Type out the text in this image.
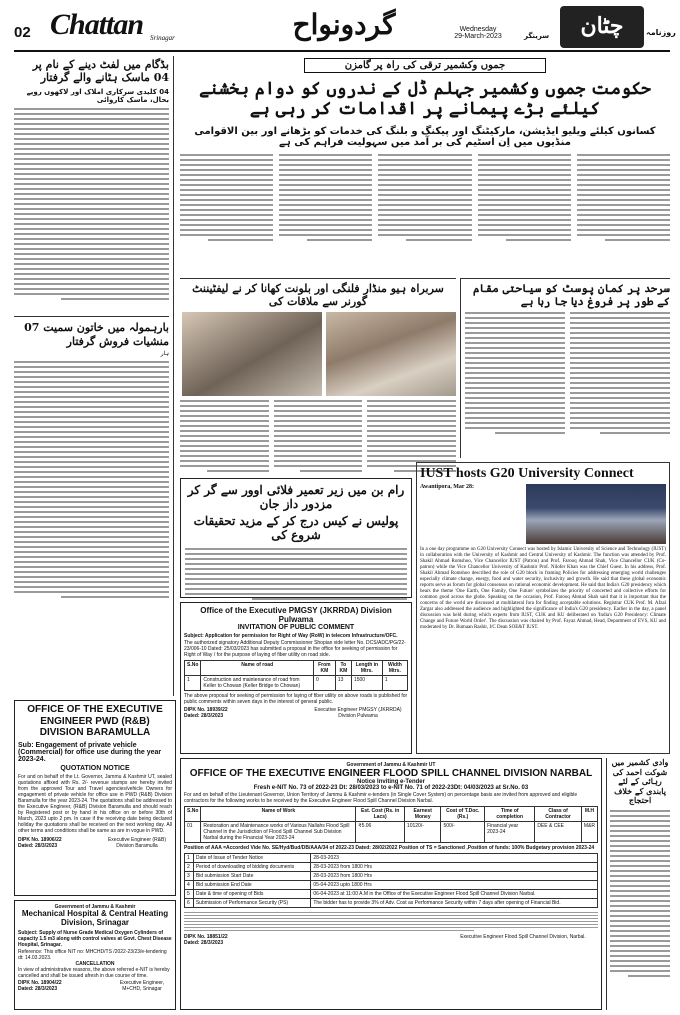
02 Chattan Srinagar	گردونواح	Wednesday
29-March-2023	سرینگر	چٹان	روزنامہ
بڈگام میں لفٹ دینے کے نام پر 04 ماسک ہٹانے والے گرفتار
04 کلیدی سرکاری املاک اور لاکھوں روپے بحال، ماسک کاروائی
بارہمولہ میں خاتون سمیت 07 منشیات فروش گرفتار
ہار
جموں وکشمیر ترقی کی راہ پر گامزن
حکومت جموں وکشمیر جہلم ڈل کے ندروں کو دوام بخشنے کیلئے بڑے پیمانے پر اقدامات کر رہی ہے
کسانوں کیلئے ویلیو ایڈیشن، مارکیٹنگ اور پیکنگ و بلنگ کی خدمات کو بڑھانے اور بین الاقوامی منڈیوں میں اِن اسٹیم کی بر آمد میں سہولیت فراہم کی ہے
سربراہ ہیو منڈار فلنگی اور بلونت کھانا کر نے لیفٹیننٹ گورنر سے ملاقات کی
سرحد پر کمان پوسٹ کو سیاحتی مقام کے طور پر فروغ دیا جا رہا ہے
IUST hosts G20 University Connect
Awantipora, Mar 28:
In a one day programme on G20 University Connect was hosted by Islamic University of Science and Technology (IUST) in collaboration with the University of Kashmir and Central University of Kashmir. The function was attended by Prof. Shakil Ahmad Romshoo, Vice Chancellor IUST (Patron) and Prof. Farooq Ahmad Shah, Vice Chancellor CUK (Co-patron) while the Vice Chancellor University of Kashmir Prof. Nilofer Khan was the Chief Guest. In his address, Prof. Shakil Ahmad Romshoo described the role of G20 block in framing Policies for addressing emerging world challenges especially climate change, energy, food and water security, inclusivity and growth. He said that these global economic reports serve as forum for global consensus on rational economic development. He said that India's G20 presidency which bears the theme 'One Earth, One Family, One Future' symbolizes the priority of concerted and collective efforts for common good across the globe. Speaking on the occasion, Prof. Farooq Ahmad Shah said that it is important that the concerns of the world are discussed at multilateral fora for finding acceptable solutions. Registrar CUK Prof. M. Afzal Zargar also addressed the audience and highlighted the significance of India's G20 presidency. Earlier in the day, a panel discussion was held during which experts from IUST, CUK and KU deliberated on 'India's G20 Presidency: Climate Change and Future World Order'. The discussion was chaired by Prof. Fayaz Ahmad, Head, Department of EVS, KU and moderated by Dr. Bumaan Rashir, I/C Dean SOE&T IUST.
رام بن میں زیر تعمیر فلائی اوور سے گر کر مزدور داز جان
پولیس نے کیس درج کر کے مزید تحقیقات شروع کی
Office of the Executive PMGSY (JKRRDA) Division Pulwama
INVITATION OF PUBLIC COMMENT
Subject: Application for permission for Right of Way (RoW) in telecom Infrastructure/OFC.
The authorized signatory Additional Deputy Commissioner Shopian vide letter No. DCS/ADC/PG/22-23/006-10 Dated: 25/03/2023 has submitted a proposal in the office for seeking of permission for Right of Way / for the purpose of laying of fiber utility on road side.
S.No	Name of road	From KM	To KM	Length in Mtrs.	Width Mtrs.
1	Construction and maintenance of road from Keller to Chowan (Keller Bridge to Chowan)	0	13	1500	1
The above proposal for seeking of permission for laying of fiber utility on above roads is published for public comments within seven days in the interest of general public.
DIPK No. 18939/22
Dated: 28/3/2023
Executive Engineer PMGSY (JKRRDA) Division Pulwama
OFFICE OF THE EXECUTIVE ENGINEER PWD (R&B) DIVISION BARAMULLA
Sub: Engagement of private vehicle (Commercial) for office use during the year 2023-24.
QUOTATION NOTICE
For and on behalf of the Lt. Governor, Jammu & Kashmir UT, sealed quotations affixed with Rs. 2/- revenue stamps are hereby invited from the approved Tour and Travel agencies/vehicle Owners for engagement of private vehicle for office use in PWD (R&B) Division Baramulla for the year 2023-24. The quotations shall be addressed to the Executive Engineer, (R&B) Division Baramulla and should reach by Registered post or by hand in his office on or before 30th of March, 2023 upto 2 pm. In case if the receiving date being declared holiday the quotations shall be received on the next working day. All other terms and conditions shall be same as are in vogue in PWD.
DIPK No. 18906/22
Dated: 28/3/2023
Executive Engineer (R&B) Division Baramulla
Government of Jammu & Kashmir
Mechanical Hospital & Central Heating Division, Srinagar
Subject: Supply of Nurse Grade Medical Oxygen Cylinders of capacity 1.5 m3 along with control valves at Govt. Chest Disease Hospital, Srinagar.
Reference: This office NIT no: MHCHD/TS /2022-23/23/e-tendering dt: 14.03.2023.
CANCELLATION
In view of administrative reasons, the above referred e-NIT is hereby cancelled and shall be issued afresh in due course of time.
DIPK No. 18904/22
Dated: 28/3/2023
Executive Engineer, M+CHD, Srinagar
Government of Jammu & Kashmir UT
OFFICE OF THE EXECUTIVE ENGINEER FLOOD SPILL CHANNEL DIVISION NARBAL
Notice Inviting e-Tender
Fresh e-NIT No. 73 of 2022-23 Dt: 28/03/2023 to e-NIT No. 71 of 2022-23Dt: 04/03/2023 at Sr.No. 03
For and on behalf of the Lieutenant Governor, Union Territory of Jammu & Kashmir e-tenders (in Single Cover System) on percentage basis are invited from approved and eligible contractors for the following works to be received by the Executive Engineer Flood Spill Channel Division Narbal.
S.No	Name of Work	Est. Cost (Rs. in Lacs)	Earnest Money	Cost of T.Doc. (Rs.)	Time of completion	Class of Contractor	M.H
01	Restoration and Maintenance works of Various Nallahs Flood Spill Channel in the Jurisdiction of Flood Spill Channel Sub Division Narbal during the Financial Year 2023-24	₹5.06	10120/-	500/-	Financial year 2023-24	DEE & CEE	M&R
Position of AAA =Accorded Vide No. SE/Hyd/Bud/DB/AAA/34 of 2022-23 Dated: 28/02/2022 Position of TS = Sanctioned ,Position of funds: 100% Budgetary provision 2023-24
1	Date of Issue of Tender Notice	28-03-2023
2	Period of downloading of bidding documents	28-03-2023 from 1800 Hrs
3	Bid submission Start Date	28-03-2023 from 1800 Hrs
4	Bid submission End Date	05-04-2023 upto 1800 Hrs
5	Date & time of opening of Bids	06-04-2023 at 11:00 A.M in the Office of the Executive Engineer Flood Spill Channel Division Narbal.
6	Submission of Performance Security (PS)	The bidder has to provide 3% of Adv. Cost as Performance Security within 7 days after opening of Financial Bid.
DIPK No. 18851/22
Dated: 28/3/2023
Executive Engineer Flood Spill Channel Division, Narbal.
وادی کشمیر میں شوکت احمد کی رہائی کے لئے پابندی کے خلاف احتجاج
